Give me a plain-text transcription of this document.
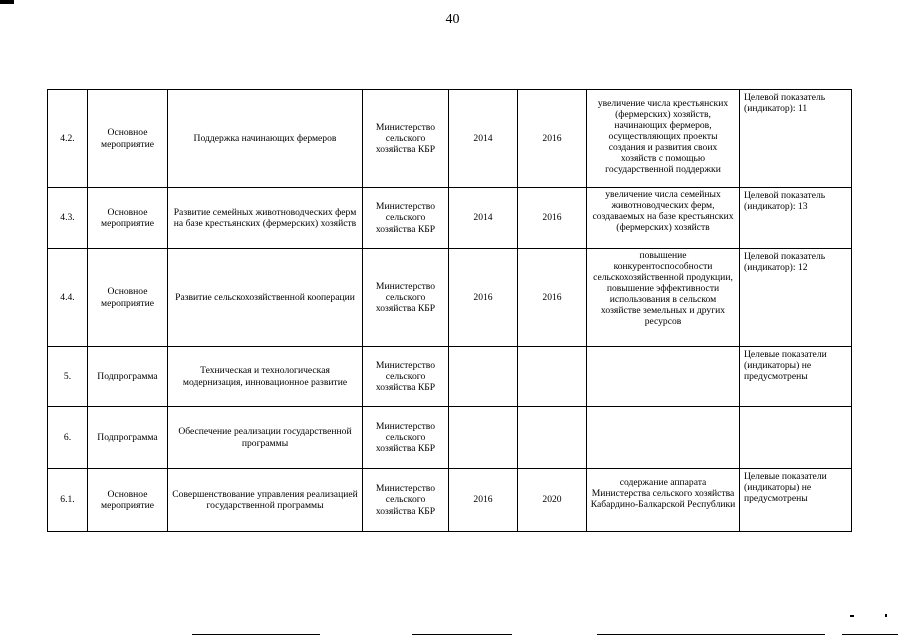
40
4.2.	Основное мероприятие	Поддержка начинающих фермеров	Министерство сельского хозяйства КБР	2014	2016	увеличение числа крестьянских (фермерских) хозяйств, начинающих фермеров, осуществляющих проекты создания и развития своих хозяйств с помощью государственной поддержки	Целевой показатель (индикатор): 11
4.3.	Основное мероприятие	Развитие семейных животноводческих ферм на базе крестьянских (фермерских) хозяйств	Министерство сельского хозяйства КБР	2014	2016	увеличение числа семейных животноводческих ферм, создаваемых на базе крестьянских (фермерских) хозяйств	Целевой показатель (индикатор): 13
4.4.	Основное мероприятие	Развитие сельскохозяйственной кооперации	Министерство сельского хозяйства КБР	2016	2016	повышение конкурентоспособности сельскохозяйственной продукции, повышение эффективности использования в сельском хозяйстве земельных и других ресурсов	Целевой показатель (индикатор): 12
5.	Подпрограмма	Техническая и технологическая модернизация, инновационное развитие	Министерство сельского хозяйства КБР				Целевые показатели (индикаторы) не предусмотрены
6.	Подпрограмма	Обеспечение реализации государственной программы	Министерство сельского хозяйства КБР				
6.1.	Основное мероприятие	Совершенствование управления реализацией государственной программы	Министерство сельского хозяйства КБР	2016	2020	содержание аппарата Министерства сельского хозяйства Кабардино-Балкарской Республики	Целевые показатели (индикаторы) не предусмотрены
